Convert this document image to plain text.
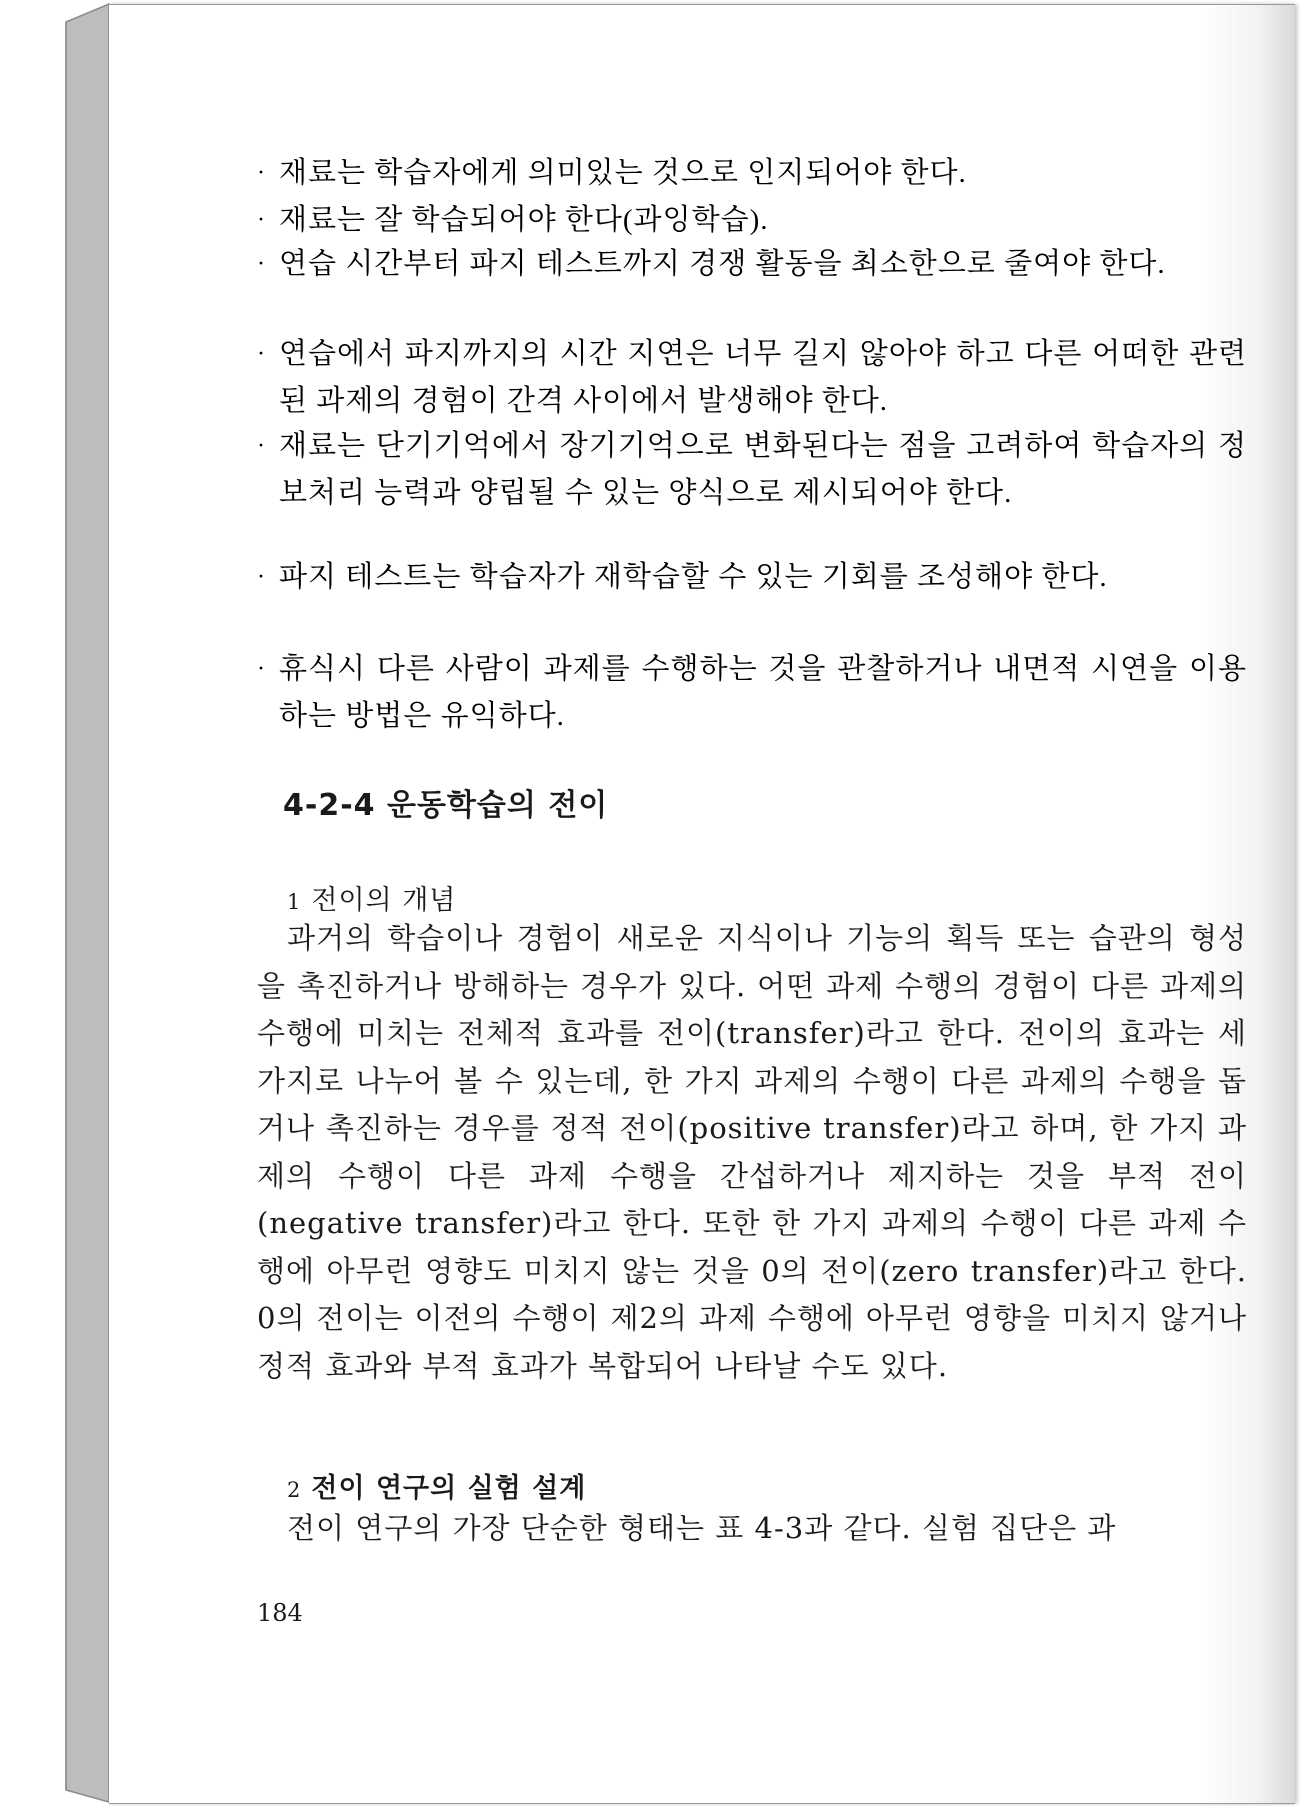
· 재료는 학습자에게 의미있는 것으로 인지되어야 한다.
· 재료는 잘 학습되어야 한다(과잉학습).
· 연습 시간부터 파지 테스트까지 경쟁 활동을 최소한으로 줄여야 한다.
· 연습에서 파지까지의 시간 지연은 너무 길지 않아야 하고 다른 어떠한 관련된 과제의 경험이 간격 사이에서 발생해야 한다.
· 재료는 단기기억에서 장기기억으로 변화된다는 점을 고려하여 학습자의 정보처리 능력과 양립될 수 있는 양식으로 제시되어야 한다.
· 파지 테스트는 학습자가 재학습할 수 있는 기회를 조성해야 한다.
· 휴식시 다른 사람이 과제를 수행하는 것을 관찰하거나 내면적 시연을 이용하는 방법은 유익하다.
4-2-4 운동학습의 전이
1 전이의 개념
과거의 학습이나 경험이 새로운 지식이나 기능의 획득 또는 습관의 형성을 촉진하거나 방해하는 경우가 있다. 어떤 과제 수행의 경험이 다른 과제의 수행에 미치는 전체적 효과를 전이(transfer)라고 한다. 전이의 효과는 세 가지로 나누어 볼 수 있는데, 한 가지 과제의 수행이 다른 과제의 수행을 돕거나 촉진하는 경우를 정적 전이(positive transfer)라고 하며, 한 가지 과제의 수행이 다른 과제 수행을 간섭하거나 제지하는 것을 부적 전이(negative transfer)라고 한다. 또한 한 가지 과제의 수행이 다른 과제 수행에 아무런 영향도 미치지 않는 것을 0의 전이(zero transfer)라고 한다. 0의 전이는 이전의 수행이 제2의 과제 수행에 아무런 영향을 미치지 않거나 정적 효과와 부적 효과가 복합되어 나타날 수도 있다.
2 전이 연구의 실험 설계
전이 연구의 가장 단순한 형태는 표 4-3과 같다. 실험 집단은 과
184
